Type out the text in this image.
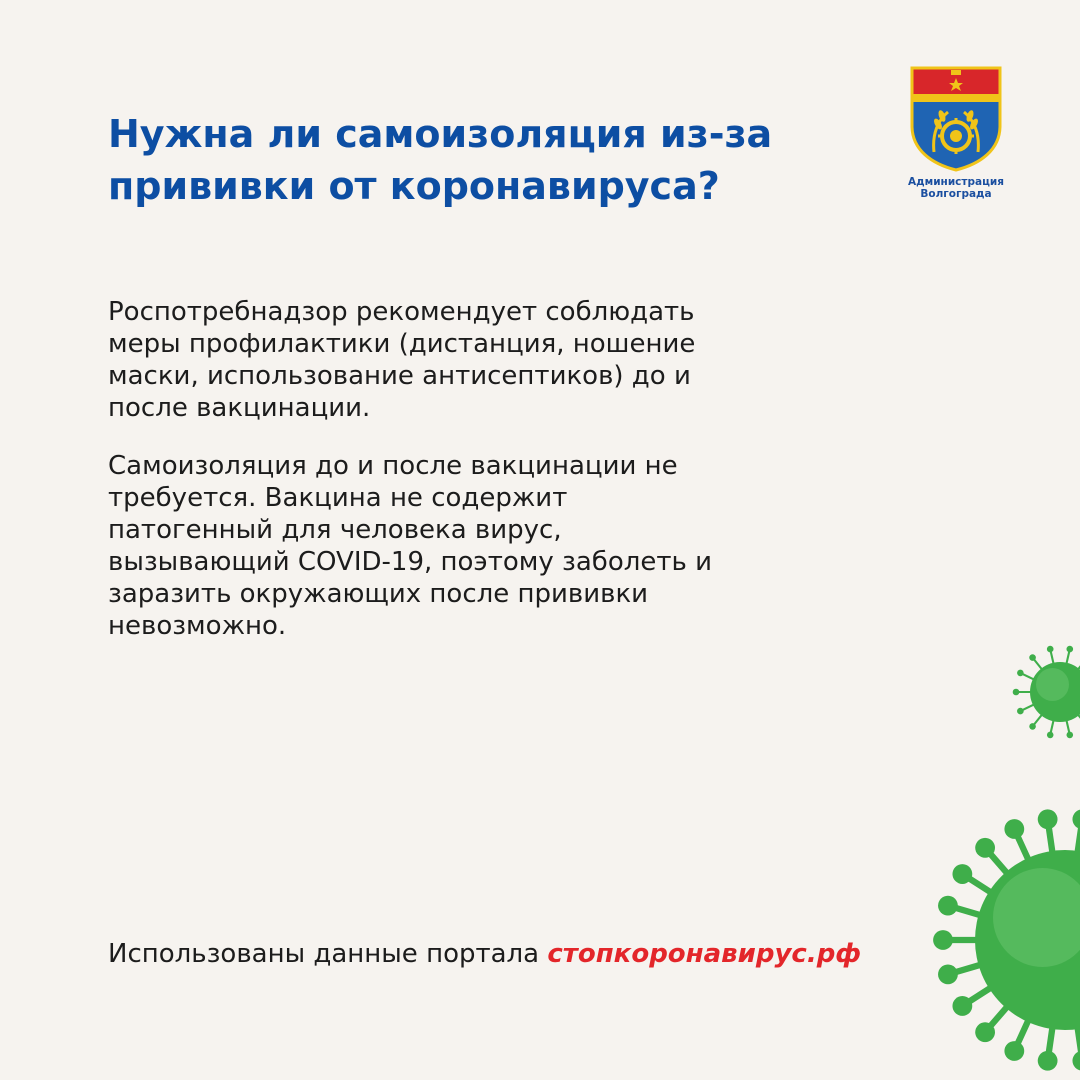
Нужна ли самоизоляция из-за
прививки от коронавируса?	Администрация
Волгограда
Роспотребнадзор рекомендует соблюдать
меры профилактики (дистанция, ношение
маски, использование антисептиков) до и
после вакцинации.
Самоизоляция до и после вакцинации не
требуется. Вакцина не содержит
патогенный для человека вирус,
вызывающий COVID-19, поэтому заболеть и
заразить окружающих после прививки
невозможно.
Использованы данные портала стопкоронавирус.рф
